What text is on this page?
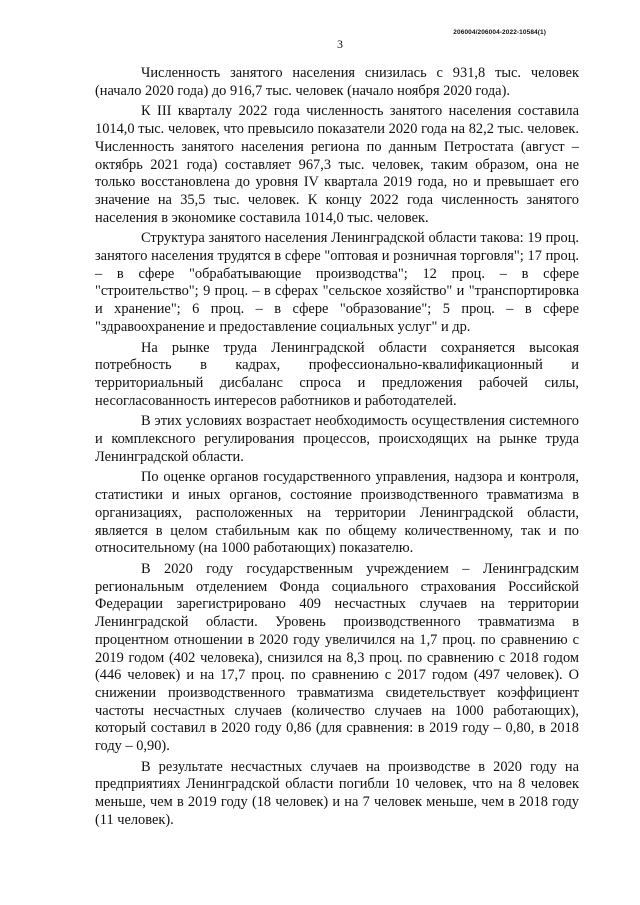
3
206004/206004-2022-10584(1)

Численность занятого населения снизилась с 931,8 тыс. человек (начало 2020 года) до 916,7 тыс. человек (начало ноября 2020 года).

К III кварталу 2022 года численность занятого населения составила 1014,0 тыс. человек, что превысило показатели 2020 года на 82,2 тыс. человек. Численность занятого населения региона по данным Петростата (август – октябрь 2021 года) составляет 967,3 тыс. человек, таким образом, она не только восстановлена до уровня IV квартала 2019 года, но и превышает его значение на 35,5 тыс. человек. К концу 2022 года численность занятого населения в экономике составила 1014,0 тыс. человек.

Структура занятого населения Ленинградской области такова: 19 проц. занятого населения трудятся в сфере "оптовая и розничная торговля"; 17 проц. – в сфере "обрабатывающие производства"; 12 проц. – в сфере "строительство"; 9 проц. – в сферах "сельское хозяйство" и "транспортировка и хранение"; 6 проц. – в сфере "образование"; 5 проц. – в сфере "здравоохранение и предоставление социальных услуг" и др.

На рынке труда Ленинградской области сохраняется высокая потребность в кадрах, профессионально-квалификационный и территориальный дисбаланс спроса и предложения рабочей силы, несогласованность интересов работников и работодателей.

В этих условиях возрастает необходимость осуществления системного и комплексного регулирования процессов, происходящих на рынке труда Ленинградской области.

По оценке органов государственного управления, надзора и контроля, статистики и иных органов, состояние производственного травматизма в организациях, расположенных на территории Ленинградской области, является в целом стабильным как по общему количественному, так и по относительному (на 1000 работающих) показателю.

В 2020 году государственным учреждением – Ленинградским региональным отделением Фонда социального страхования Российской Федерации зарегистрировано 409 несчастных случаев на территории Ленинградской области. Уровень производственного травматизма в процентном отношении в 2020 году увеличился на 1,7 проц. по сравнению с 2019 годом (402 человека), снизился на 8,3 проц. по сравнению с 2018 годом (446 человек) и на 17,7 проц. по сравнению с 2017 годом (497 человек). О снижении производственного травматизма свидетельствует коэффициент частоты несчастных случаев (количество случаев на 1000 работающих), который составил в 2020 году 0,86 (для сравнения: в 2019 году – 0,80, в 2018 году – 0,90).

В результате несчастных случаев на производстве в 2020 году на предприятиях Ленинградской области погибли 10 человек, что на 8 человек меньше, чем в 2019 году (18 человек) и на 7 человек меньше, чем в 2018 году (11 человек).
